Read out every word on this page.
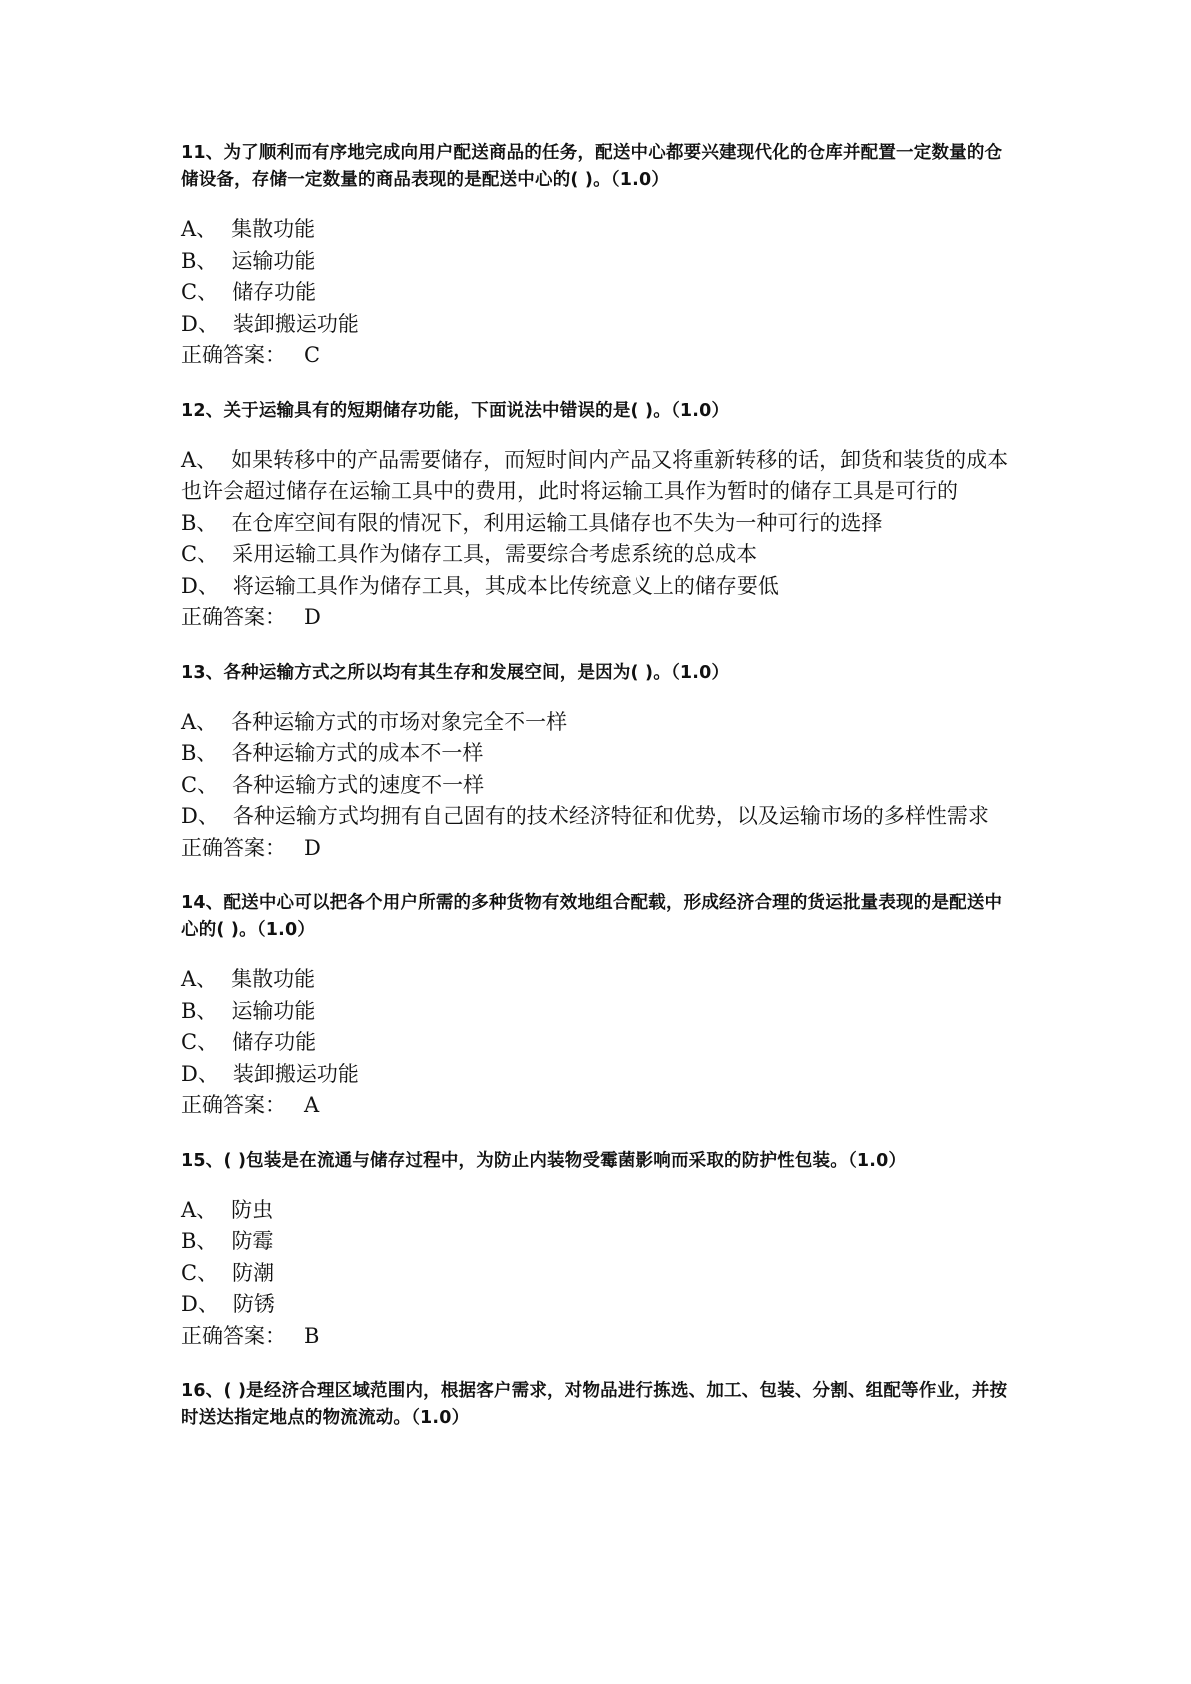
11、为了顺利而有序地完成向用户配送商品的任务，配送中心都要兴建现代化的仓库并配置一定数量的仓储设备，存储一定数量的商品表现的是配送中心的( )。（1.0）

A、 集散功能
B、 运输功能
C、 储存功能
D、 装卸搬运功能
正确答案： C

12、关于运输具有的短期储存功能，下面说法中错误的是( )。（1.0）

A、 如果转移中的产品需要储存，而短时间内产品又将重新转移的话，卸货和装货的成本也许会超过储存在运输工具中的费用，此时将运输工具作为暂时的储存工具是可行的
B、 在仓库空间有限的情况下，利用运输工具储存也不失为一种可行的选择
C、 采用运输工具作为储存工具，需要综合考虑系统的总成本
D、 将运输工具作为储存工具，其成本比传统意义上的储存要低
正确答案： D

13、各种运输方式之所以均有其生存和发展空间，是因为( )。（1.0）

A、 各种运输方式的市场对象完全不一样
B、 各种运输方式的成本不一样
C、 各种运输方式的速度不一样
D、 各种运输方式均拥有自己固有的技术经济特征和优势，以及运输市场的多样性需求
正确答案： D

14、配送中心可以把各个用户所需的多种货物有效地组合配载，形成经济合理的货运批量表现的是配送中心的( )。（1.0）

A、 集散功能
B、 运输功能
C、 储存功能
D、 装卸搬运功能
正确答案： A

15、( )包装是在流通与储存过程中，为防止内装物受霉菌影响而采取的防护性包装。（1.0）

A、 防虫
B、 防霉
C、 防潮
D、 防锈
正确答案： B

16、( )是经济合理区域范围内，根据客户需求，对物品进行拣选、加工、包装、分割、组配等作业，并按时送达指定地点的物流流动。（1.0）
